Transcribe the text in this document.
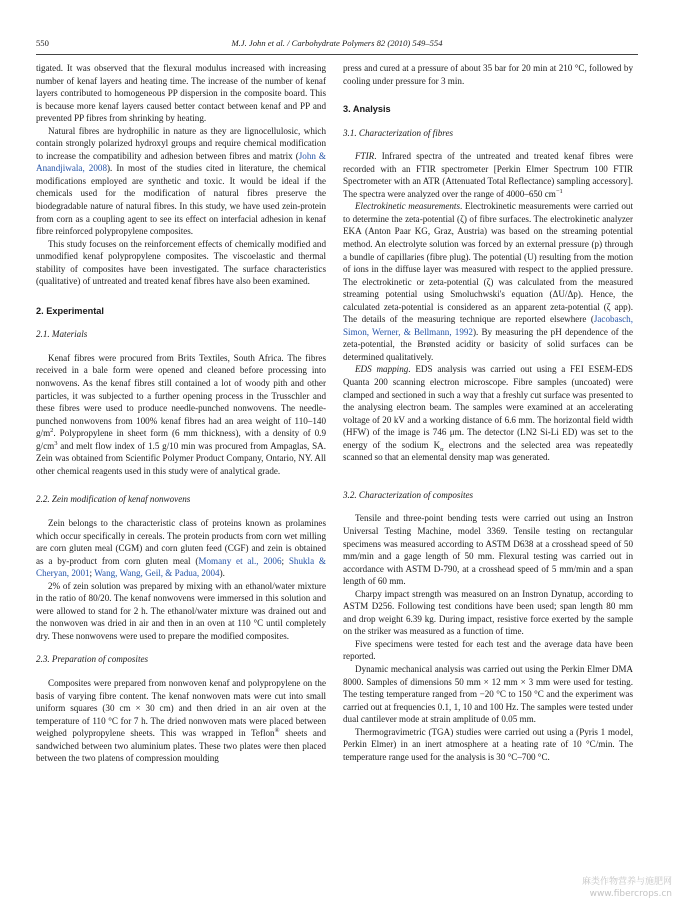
550	M.J. John et al. / Carbohydrate Polymers 82 (2010) 549–554

tigated. It was observed that the flexural modulus increased with increasing number of kenaf layers and heating time. The increase of the number of kenaf layers contributed to homogeneous PP dispersion in the composite board. This is because more kenaf layers caused better contact between kenaf and PP and prevented PP fibres from shrinking by heating.

Natural fibres are hydrophilic in nature as they are lignocellulosic, which contain strongly polarized hydroxyl groups and require chemical modification to increase the compatibility and adhesion between fibres and matrix (John & Anandjiwala, 2008). In most of the studies cited in literature, the chemical modifications employed are synthetic and toxic. It would be ideal if the chemicals used for the modification of natural fibres preserve the biodegradable nature of natural fibres. In this study, we have used zein-protein from corn as a coupling agent to see its effect on interfacial adhesion in kenaf fibre reinforced polypropylene composites.

This study focuses on the reinforcement effects of chemically modified and unmodified kenaf polypropylene composites. The viscoelastic and thermal stability of composites have been investigated. The surface characteristics (qualitative) of untreated and treated kenaf fibres have also been examined.

2. Experimental
2.1. Materials

Kenaf fibres were procured from Brits Textiles, South Africa. The fibres received in a bale form were opened and cleaned before processing into nonwovens. As the kenaf fibres still contained a lot of woody pith and other particles, it was subjected to a further opening process in the Trusschler and these fibres were used to produce needle-punched nonwovens. The needle-punched nonwovens from 100% kenaf fibres had an area weight of 110–140 $g/m^2$. Polypropylene in sheet form (6 mm thickness), with a density of 0.9 $g/cm^3$ and melt flow index of 1.5 g/10 min was procured from Ampaglas, SA. Zein was obtained from Scientific Polymer Product Company, Ontario, NY. All other chemical reagents used in this study were of analytical grade.

2.2. Zein modification of kenaf nonwovens

Zein belongs to the characteristic class of proteins known as prolamines which occur specifically in cereals. The protein products from corn wet milling are corn gluten meal (CGM) and corn gluten feed (CGF) and zein is obtained as a by-product from corn gluten meal (Momany et al., 2006; Shukla & Cheryan, 2001; Wang, Wang, Geil, & Padua, 2004).

2% of zein solution was prepared by mixing with an ethanol/water mixture in the ratio of 80/20. The kenaf nonwovens were immersed in this solution and were allowed to stand for 2 h. The ethanol/water mixture was drained out and the nonwoven was dried in air and then in an oven at 110 °C until completely dry. These nonwovens were used to prepare the modified composites.

2.3. Preparation of composites

Composites were prepared from nonwoven kenaf and polypropylene on the basis of varying fibre content. The kenaf nonwoven mats were cut into small uniform squares (30 cm × 30 cm) and then dried in an air oven at the temperature of 110 °C for 7 h. The dried nonwoven mats were placed between weighed polypropylene sheets. This was wrapped in Teflon® sheets and sandwiched between two aluminium plates. These two plates were then placed between the two platens of compression moulding

press and cured at a pressure of about 35 bar for 20 min at 210 °C, followed by cooling under pressure for 3 min.

3. Analysis
3.1. Characterization of fibres

FTIR. Infrared spectra of the untreated and treated kenaf fibres were recorded with an FTIR spectrometer [Perkin Elmer Spectrum 100 FTIR Spectrometer with an ATR (Attenuated Total Reflectance) sampling accessory]. The spectra were analyzed over the range of 4000–650 $cm^{-1}$

Electrokinetic measurements. Electrokinetic measurements were carried out to determine the zeta-potential (ζ) of fibre surfaces. The electrokinetic analyzer EKA (Anton Paar KG, Graz, Austria) was based on the streaming potential method. An electrolyte solution was forced by an external pressure (p) through a bundle of capillaries (fibre plug). The potential (U) resulting from the motion of ions in the diffuse layer was measured with respect to the applied pressure. The electrokinetic or zeta-potential (ζ) was calculated from the measured streaming potential using Smoluchwski's equation (ΔU/Δp). Hence, the calculated zeta-potential is considered as an apparent zeta-potential (ζ app). The details of the measuring technique are reported elsewhere (Jacobasch, Simon, Werner, & Bellmann, 1992). By measuring the pH dependence of the zeta-potential, the Brønsted acidity or basicity of solid surfaces can be determined qualitatively.

EDS mapping. EDS analysis was carried out using a FEI ESEM-EDS Quanta 200 scanning electron microscope. Fibre samples (uncoated) were clamped and sectioned in such a way that a freshly cut surface was presented to the analysing electron beam. The samples were examined at an accelerating voltage of 20 kV and a working distance of 6.6 mm. The horizontal field width (HFW) of the image is 746 μm. The detector (LN2 Si-Li ED) was set to the energy of the sodium $K_\alpha$ electrons and the selected area was repeatedly scanned so that an elemental density map was generated.

3.2. Characterization of composites

Tensile and three-point bending tests were carried out using an Instron Universal Testing Machine, model 3369. Tensile testing on rectangular specimens was measured according to ASTM D638 at a crosshead speed of 50 mm/min and a gage length of 50 mm. Flexural testing was carried out in accordance with ASTM D-790, at a crosshead speed of 5 mm/min and a span length of 60 mm.

Charpy impact strength was measured on an Instron Dynatup, according to ASTM D256. Following test conditions have been used; span length 80 mm and drop weight 6.39 kg. During impact, resistive force exerted by the sample on the striker was measured as a function of time.

Five specimens were tested for each test and the average data have been reported.

Dynamic mechanical analysis was carried out using the Perkin Elmer DMA 8000. Samples of dimensions 50 mm × 12 mm × 3 mm were used for testing. The testing temperature ranged from −20 °C to 150 °C and the experiment was carried out at frequencies 0.1, 1, 10 and 100 Hz. The samples were tested under dual cantilever mode at strain amplitude of 0.05 mm.

Thermogravimetric (TGA) studies were carried out using a (Pyris 1 model, Perkin Elmer) in an inert atmosphere at a heating rate of 10 °C/min. The temperature range used for the analysis is 30 °C–700 °C.

麻类作物营养与施肥网
www.fibercrops.cn
